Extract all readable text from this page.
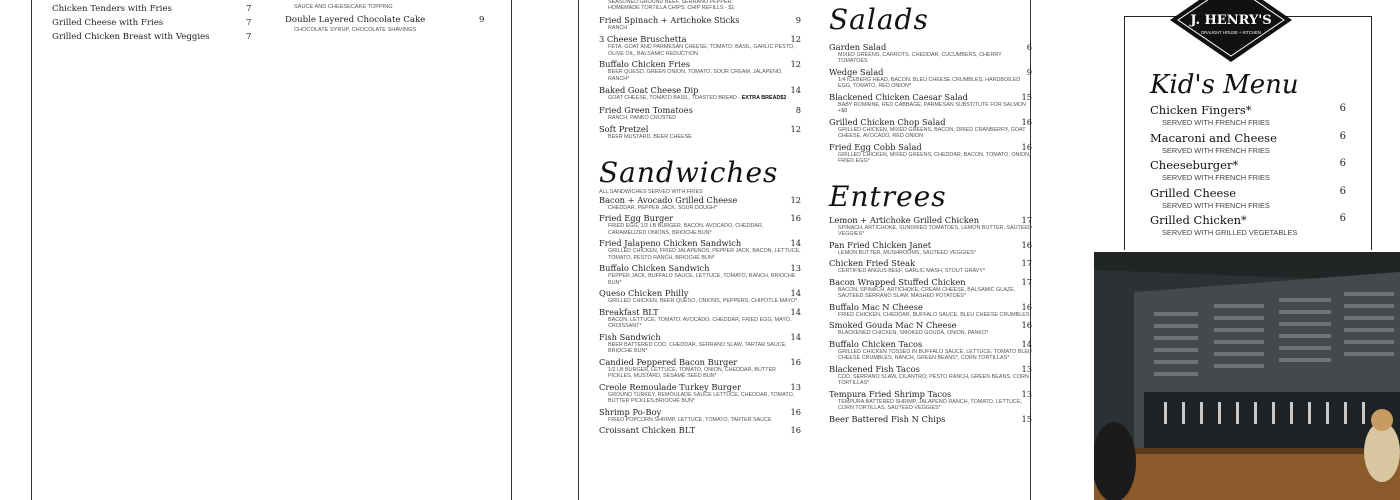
Chicken Tenders with Fries	7
Grilled Cheese with Fries	7
Grilled Chicken Breast with Veggies	7
SAUCE AND CHEESECAKE TOPPING
Double Layered Chocolate Cake	9
CHOCOLATE SYRUP, CHOCOLATE SHAVINGS
SEASONED GROUND BEEF, SERRANO PEPPER
HOMEMADE TORTILLA CHIPS. CHIP REFILLS - $1
Fried Spinach + Artichoke Sticks	9
RANCH
3 Cheese Bruschetta	12
FETA, GOAT AND PARMESAN CHEESE, TOMATO, BASIL, GARLIC PESTO, OLIVE OIL, BALSAMIC REDUCTION
Buffalo Chicken Fries	12
BEER QUESO, GREEN ONION, TOMATO, SOUR CREAM, JALAPENO, RANCH*
Baked Goat Cheese Dip	14
GOAT CHEESE, TOMATO BASIL, TOASTED BREAD - EXTRA BREAD$2
Fried Green Tomatoes	8
RANCH, PANKO CRUSTED
Soft Pretzel	12
BEER MUSTARD, BEER CHEESE
Sandwiches
ALL SANDWICHES SERVED WITH FRIES
Bacon + Avocado Grilled Cheese	12
CHEDDAR, PEPPER JACK, SOUR DOUGH*
Fried Egg Burger	16
FRIED EGG, 1/2 LB BURGER, BACON, AVOCADO, CHEDDAR, CARAMELIZED ONIONS, BRIOCHE BUN*
Fried Jalapeno Chicken Sandwich	14
GRILLED CHICKEN, FRIED JALAPENOS, PEPPER JACK, BACON, LETTUCE, TOMATO, PESTO RANCH, BRIOCHE BUN*
Buffalo Chicken Sandwich	13
PEPPER JACK, BUFFALO SAUCE, LETTUCE, TOMATO, RANCH, BRIOCHE BUN*
Queso Chicken Philly	14
GRILLED CHICKEN, BEER QUESO, ONIONS, PEPPERS, CHIPOTLE MAYO*
Breakfast BLT	14
BACON, LETTUCE, TOMATO, AVOCADO, CHEDDAR, FRIED EGG, MAYO, CROISSANT*
Fish Sandwich	14
BEER BATTERED COD, CHEDDAR, SERRANO SLAW, TARTAR SAUCE, BRIOCHE BUN*
Candied Peppered Bacon Burger	16
1/2 LB BURGER, LETTUCE, TOMATO, ONION, CHEDDAR, BUTTER PICKLES, MUSTARD, SESAME SEED BUN*
Creole Remoulade Turkey Burger	13
GROUND TURKEY, REMOULADE SAUCE LETTUCE, CHEDDAR, TOMATO, BUTTER PICKLES,BRIOCHE BUN*
Shrimp Po-Boy	16
FRIED POPCORN SHRIMP, LETTUCE, TOMATO, TARTER SAUCE
Croissant Chicken BLT	16
Salads
Garden Salad	6
MIXED GREENS, CARROTS, CHEDDAR, CUCUMBERS, CHERRY TOMATOES
Wedge Salad	9
1/4 ICEBERG HEAD, BACON, BLEU CHEESE CRUMBLES, HARDBOILED EGG, TOMATO, RED ONION*
Blackened Chicken Caesar Salad	15
BABY ROMAINE, RED CABBAGE, PARMESAN SUBSTITUTE FOR SALMON +$8
Grilled Chicken Chop Salad	16
GRILLED CHICKEN, MIXED GREENS, BACON, DRIED CRANBERRY, GOAT CHEESE, AVOCADO, RED ONION
Fried Egg Cobb Salad	16
GRILLED CHICKEN, MIXED GREENS, CHEDDAR, BACON, TOMATO, ONION, FRIED EGG*
Entrees
Lemon + Artichoke Grilled Chicken	17
SPINACH, ARTICHOKE, SUNDRIED TOMATOES, LEMON BUTTER, SAUTEED VEGGIES*
Pan Fried Chicken Janet	16
LEMON BUTTER, MUSHROOMS, SAUTEED VEGGIES*
Chicken Fried Steak	17
CERTIFIED ANGUS BEEF, GARLIC MASH, STOUT GRAVY*
Bacon Wrapped Stuffed Chicken	17
BACON, SPINACH, ARTICHOKE, CREAM CHEESE, BALSAMIC GLAZE, SAUTEED SERRANO SLAW, MASHED POTATOES*
Buffalo Mac N Cheese	16
FRIED CHICKEN, CHEDDAR, BUFFALO SAUCE, BLEU CHEESE CRUMBLES
Smoked Gouda Mac N Cheese	16
BLACKENED CHICKEN, SMOKED GOUDA, ONION, PANKO*
Buffalo Chicken Tacos	14
GRILLED CHICKEN TOSSED IN BUFFALO SAUCE, LETTUCE, TOMATO BLEU CHEESE CRUMBLES, RANCH, GREEN BEANS*, CORN TORTILLAS*
Blackened Fish Tacos	13
COD, SERRANO SLAW, CILANTRO, PESTO RANCH, GREEN BEANS, CORN TORTILLAS*
Tempura Fried Shrimp Tacos	13
TEMPURA BATTERED SHRIMP, JALAPENO RANCH, TOMATO, LETTUCE, CORN TORTILLAS, SAUTEED VEGGIES*
Beer Battered Fish N Chips	15
J. HENRY'S
DRAUGHT HOUSE + KITCHEN
Kid's Menu
Chicken Fingers*	6
SERVED WITH FRENCH FRIES
Macaroni and Cheese	6
SERVED WITH FRENCH FRIES
Cheeseburger*	6
SERVED WITH FRENCH FRIES
Grilled Cheese	6
SERVED WITH FRENCH FRIES
Grilled Chicken*	6
SERVED WITH GRILLED VEGETABLES
